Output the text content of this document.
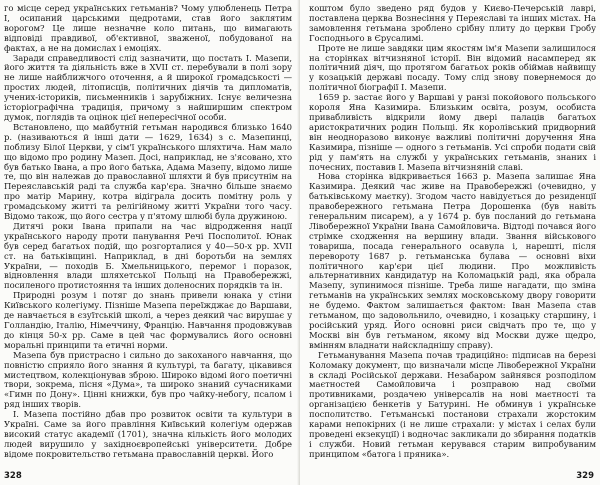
го місце серед українських гетьманів? Чому улюбленець Петра I, осипаний царськими щедротами, став його заклятим ворогом? Це лише незначне коло питань, що вимагають відповіді правдивої, об'єктивної, зваженої, побудованої на фактах, а не на домислах і емоціях.

Заради справедливості слід зазначити, що постать I. Мазепи, його життя та діяльність вже в XVII ст. перебували в полі зору не лише найближчого оточення, а й широкої громадськості — простих людей, літописців, політичних діячів та дипломатів, учених-істориків, письменників і зарубіжних. Існує величезна історіографічна традиція, причому з найширшим спектром думок, поглядів та оцінок цієї непересічної особи.

Встановлено, що майбутній гетьман народився близько 1640 р. (називаються й інші дати — 1629, 1634) з с. Мазепинці, поблизу Білої Церкви, у сім'ї українського шляхтича. Нам мало що відомо про родину Мазеп. Досі, наприклад, не з'ясовано, хто був батько Івана, а про його батька, Адама Мазепу, відомо лише те, що він належав до православної шляхти й був присутнім на Переяславській раді та служба кар'єра. Значно більше знаємо про матір Марину, котра відіграла досить помітну роль у громадському житті та релігійному житті України того часу. Відомо також, що його сестра у п'ятому шлюбі була дружиною.

Дитячі роки Івана припали на час відродження нації українського народу проти панування Речі Посполитої. Юнак був серед багатьох подій, що розгорталися у 40—50-х рр. XVII ст. на батьківщині. Наприклад, в дні боротьби на землях України, — походів Б. Хмельницького, перемог і поразок, відновлення влади шляхетської Польщі на Правобережжі, посиленого протистояння та інших доленосних порядків та ін.

Природні розум і потяг до знань привели юнака у стіни Київського колегіуму. Пізніше Мазепа переїжджає до Варшави, де навчається в єзуїтській школі, а через деякий час вирушає у Голландію, Італію, Німеччину, Францію. Навчання продовжував до кінця 50-х рр. Саме в цей час формувались його основні моральні принципи та етичні норми.

Мазепа був пристрасно і сильно до закоханого навчання, що повністю сприяло його знання й культурі, та багату, цікавився мистецтвом, колекціонував зброю. Широко відомі його поетичні твори, зокрема, пісня «Дума», та широко знаний сучасниками «Гимн по Дону». Цінні книжки, був про чайку-небогу, псалом і ряд інших творів.

I. Мазепа постійно дбав про розвиток освіти та культури в Україні. Саме за його правління Київський колегіум одержав високий статус академії (1701), значна кількість його молодих людей вирушило у західноєвропейські університети. Добре відоме покровительство гетьмана православній церкві. Його

328

коштом було зведено ряд будов у Києво-Печерській лаврі, поставлена церква Вознесіння у Переяславі та інших містах. На замовлення гетьмана зроблено срібну плиту до церкви Гробу Господнього в Єрусалимі.

Проте не лише завдяки цим якостям ім'я Мазепи залишилося на сторінках вітчизняної історії. Він відомий насамперед як політичний діяч, що протягом багатьох років обіймав найвищу у козацькій державі посаду. Тому слід знову повернемося до політичної біографії I. Мазепи.

1659 р. застає його у Варшаві у ранзі покойового польського короля Яна Казимира. Близьким освіта, розум, особиста привабливість відкрили йому двері палаців багатьох аристократичних родин Польщі. Як королівський придворний він неодноразово виконує важливі політичні доручення Яна Казимира, пізніше — одного з гетьманів. Усі спроби подати свій рід у пам'ять на службі у українських гетьманів, знаних і почесних, поставив I. Мазепа вітчизняній славі.

Нова сторінка відкривається 1663 р. Мазепа залишає Яна Казимира. Деякий час живе на Правобережжі (очевидно, у батьківському маєтку). Згодом часто навідується до резиденції правобережного гетьмана Петра Дорошенка (був навіть генеральним писарем), а у 1674 р. був посланий до гетьмана Лівобережної України Івана Самойловича. Відтоді почався його стрімке сходження на вершину влади. Звання військового товариша, посада генерального осавула і, нарешті, після перевороту 1687 р. гетьманська булава — основні віхи політичного кар'єри цієї людини. Про можливість альтернативних кандидатур на Коломацькій раді, яка обрала Мазепу, зупинимося пізніше. Треба лише нагадати, що зміна гетьманів на українських землях московському двору говорити не будемо. Фактом залишається фактом: Іван Мазепа став гетьманом, що задовольнило, очевидно, і козацьку старшину, і російський уряд. Його основні риси свідчать про те, що у Москві він був гетьманом, якому від Москви дуже щедро, вмінням владнати найскладнішу справу).

Гетьманування Мазепа почав традиційно: підписав на березі Коломаку документ, що визначали місце Лівобережної України в складі Російської держави. Незабаром зайнявся розподілом маєтностей Самойловича і розправою над своїми противниками, роздачею універсалів на нові маєтності та організацією бенкетів у Батурині. Не обминув і українське посполитство. Гетьманські постанови страхали жорстоким карами непокірних (і не лише страхали: у містах і селах були проведені екзекуції) і водночас закликали до збирання податків і служби. Новий гетьман керувався старим випробуваним принципом «батога і пряника».

329
